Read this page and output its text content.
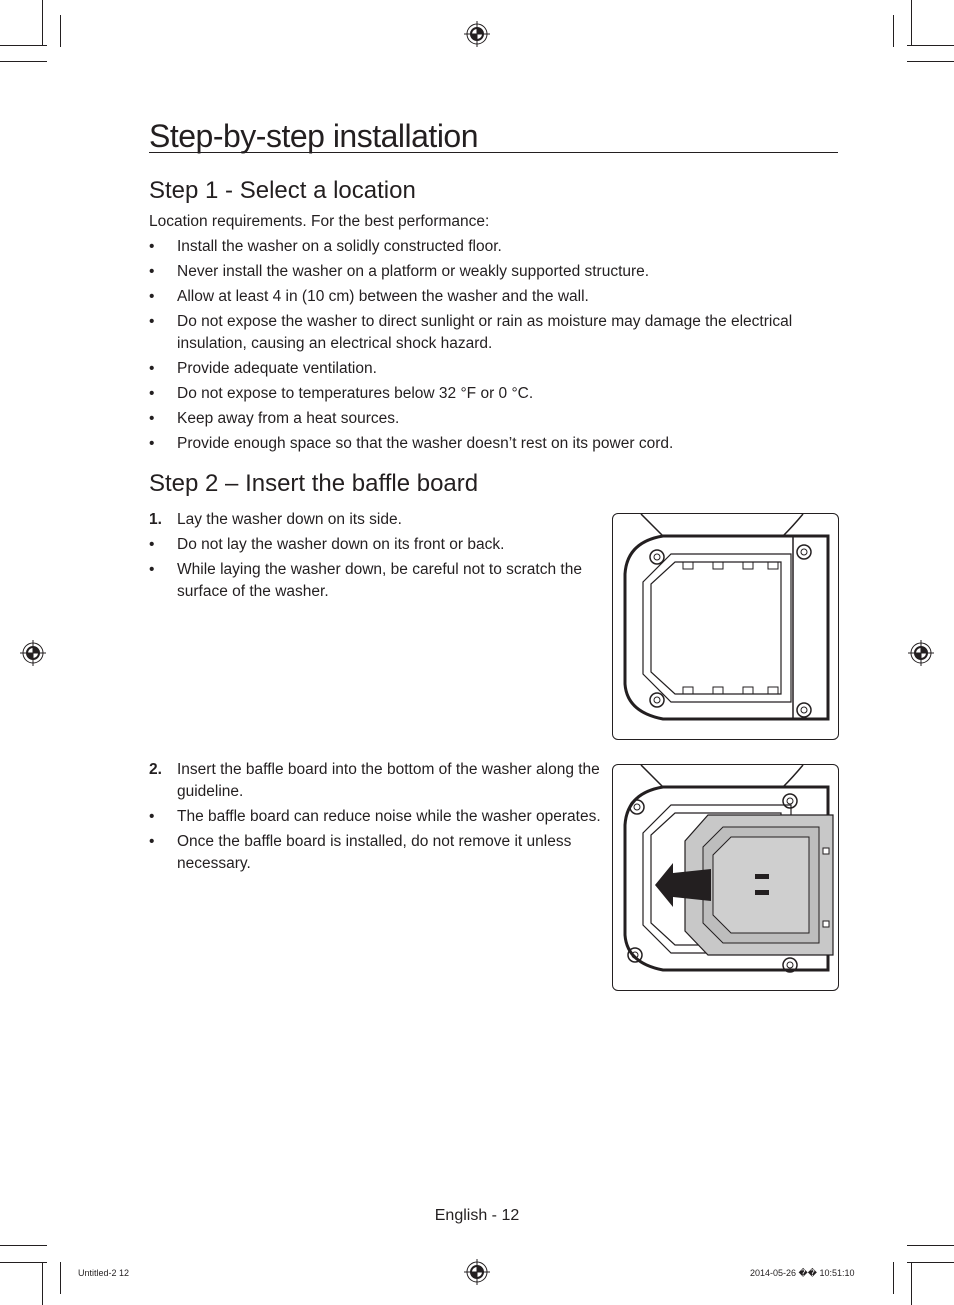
Step-by-step installation
Step 1 - Select a location

Location requirements. For the best performance:

• Install the washer on a solidly constructed floor.
• Never install the washer on a platform or weakly supported structure.
• Allow at least 4 in (10 cm) between the washer and the wall.
• Do not expose the washer to direct sunlight or rain as moisture may damage the electrical insulation, causing an electrical shock hazard.
• Provide adequate ventilation.
• Do not expose to temperatures below 32 °F or 0 °C.
• Keep away from a heat sources.
• Provide enough space so that the washer doesn’t rest on its power cord.
Step 2 – Insert the baffle board
1. Lay the washer down on its side.
• Do not lay the washer down on its front or back.
• While laying the washer down, be careful not to scratch the surface of the washer.
2. Insert the baffle board into the bottom of the washer along the guideline.
• The baffle board can reduce noise while the washer operates.
• Once the baffle board is installed, do not remove it unless necessary.
English - 12
Untitled-2 12	2014-05-26 �� 10:51:10
